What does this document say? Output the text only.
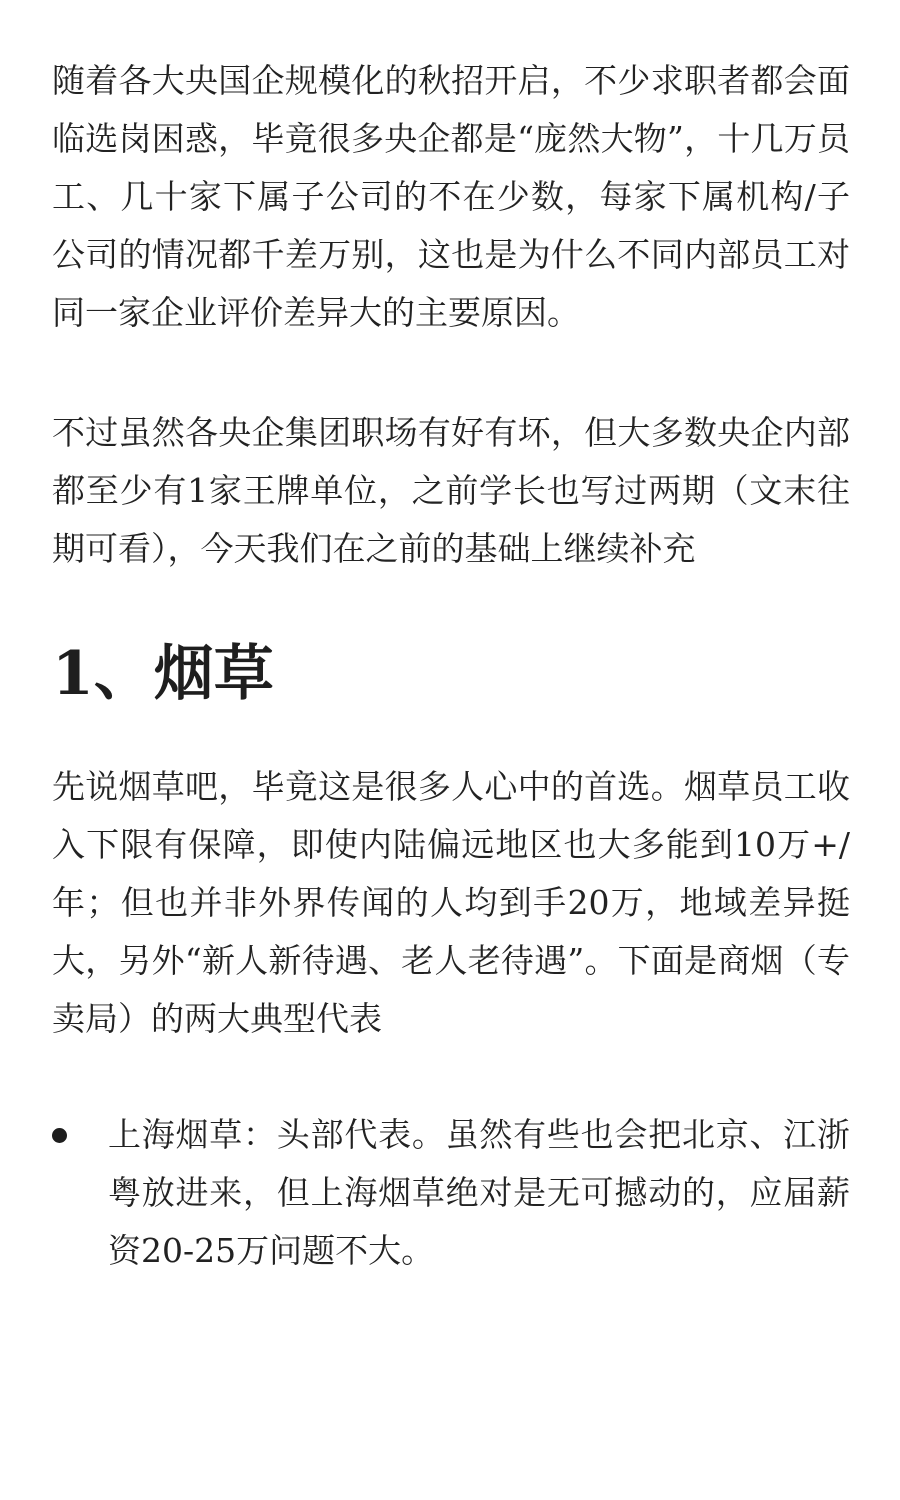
随着各大央国企规模化的秋招开启，不少求职者都会面临选岗困惑，毕竟很多央企都是“庞然大物”，十几万员工、几十家下属子公司的不在少数，每家下属机构/子公司的情况都千差万别，这也是为什么不同内部员工对同一家企业评价差异大的主要原因。

不过虽然各央企集团职场有好有坏，但大多数央企内部都至少有1家王牌单位，之前学长也写过两期（文末往期可看），今天我们在之前的基础上继续补充

1、烟草

先说烟草吧，毕竟这是很多人心中的首选。烟草员工收入下限有保障，即使内陆偏远地区也大多能到10万+/年；但也并非外界传闻的人均到手20万，地域差异挺大，另外“新人新待遇、老人老待遇”。下面是商烟（专卖局）的两大典型代表

上海烟草：头部代表。虽然有些也会把北京、江浙粤放进来，但上海烟草绝对是无可撼动的，应届薪资20-25万问题不大。
